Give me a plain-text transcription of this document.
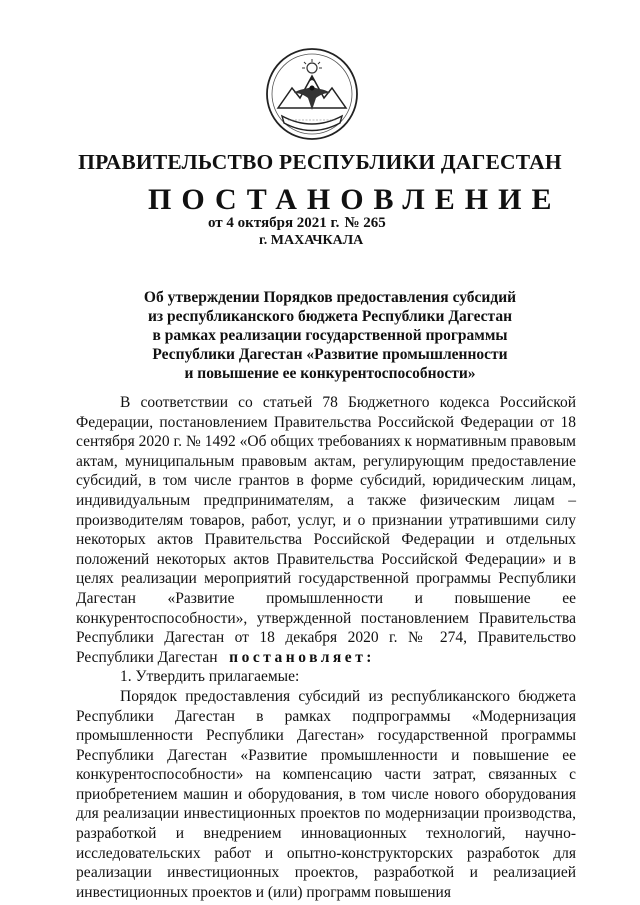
ПРАВИТЕЛЬСТВО РЕСПУБЛИКИ ДАГЕСТАН
ПОСТАНОВЛЕНИЕ
от 4 октября 2021 г. № 265
г. МАХАЧКАЛА
Об утверждении Порядков предоставления субсидий
из республиканского бюджета Республики Дагестан
в рамках реализации государственной программы
Республики Дагестан «Развитие промышленности
и повышение ее конкурентоспособности»
В соответствии со статьей 78 Бюджетного кодекса Российской Федерации, постановлением Правительства Российской Федерации от 18 сентября 2020 г. № 1492 «Об общих требованиях к нормативным правовым актам, муниципальным правовым актам, регулирующим предоставление субсидий, в том числе грантов в форме субсидий, юридическим лицам, индивидуальным предпринимателям, а также физическим лицам – производителям товаров, работ, услуг, и о признании утратившими силу некоторых актов Правительства Российской Федерации и отдельных положений некоторых актов Правительства Российской Федерации» и в целях реализации мероприятий государственной программы Республики Дагестан «Развитие промышленности и повышение ее конкурентоспособности», утвержденной постановлением Правительства Республики Дагестан от 18 декабря 2020 г. № 274, Правительство Республики Дагестан постановляет:
1. Утвердить прилагаемые:
Порядок предоставления субсидий из республиканского бюджета Республики Дагестан в рамках подпрограммы «Модернизация промышленности Республики Дагестан» государственной программы Республики Дагестан «Развитие промышленности и повышение ее конкурентоспособности» на компенсацию части затрат, связанных с приобретением машин и оборудования, в том числе нового оборудования для реализации инвестиционных проектов по модернизации производства, разработкой и внедрением инновационных технологий, научно-исследовательских работ и опытно-конструкторских разработок для реализации инвестиционных проектов, разработкой и реализацией инвестиционных проектов и (или) программ повышения
